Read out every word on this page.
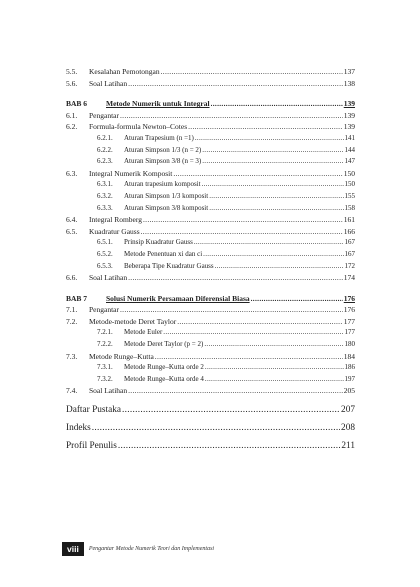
5.5.	Kesalahan Pemotongan .....	137
5.6.	Soal Latihan .....	138
BAB 6	Metode Numerik untuk Integral .....	139
6.1.	Pengantar .....	139
6.2.	Formula-formula Newton–Cotes .....	139
6.2.1.	Aturan Trapesium (n =1) .....	141
6.2.2.	Aturan Simpson 1/3 (n = 2) .....	144
6.2.3.	Aturan Simpson 3/8 (n = 3) .....	147
6.3.	Integral Numerik Komposit .....	150
6.3.1.	Aturan trapesium komposit .....	150
6.3.2.	Aturan Simpson 1/3 komposit .....	155
6.3.3.	Aturan Simpson 3/8 komposit .....	158
6.4.	Integral Romberg .....	161
6.5.	Kuadratur Gauss .....	166
6.5.1.	Prinsip Kuadratur Gauss .....	167
6.5.2.	Metode Penentuan xi dan ci .....	167
6.5.3.	Beberapa Tipe Kuadratur Gauss .....	172
6.6.	Soal Latihan .....	174
BAB 7	Solusi Numerik Persamaan Diferensial Biasa .....	176
7.1.	Pengantar .....	176
7.2.	Metode-metode Deret Taylor .....	177
7.2.1.	Metode Euler .....	177
7.2.2.	Metode Deret Taylor (p = 2) .....	180
7.3.	Metode Runge–Kutta .....	184
7.3.1.	Metode Runge–Kutta orde 2 .....	186
7.3.2.	Metode Runge–Kutta orde 4 .....	197
7.4.	Soal Latihan .....	205
Daftar Pustaka .....	207
Indeks .....	208
Profil Penulis .....	211
viii	Pengantar Metode Numerik Teori dan Implementasi
